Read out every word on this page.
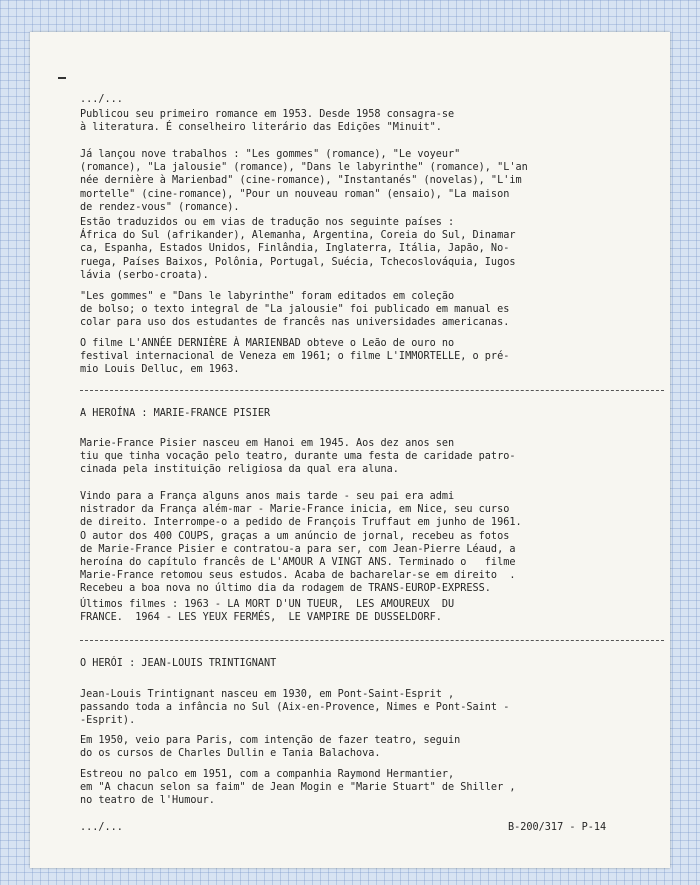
.../...
Publicou seu primeiro romance em 1953. Desde 1958 consagra-se
à literatura. É conselheiro literário das Edições "Minuit".
Já lançou nove trabalhos : "Les gommes" (romance), "Le voyeur"
(romance), "La jalousie" (romance), "Dans le labyrinthe" (romance), "L'an
née dernière à Marienbad" (cine-romance), "Instantanés" (novelas), "L'im
mortelle" (cine-romance), "Pour un nouveau roman" (ensaio), "La maison
de rendez-vous" (romance).
Estão traduzidos ou em vias de tradução nos seguinte países :
África do Sul (afrikander), Alemanha, Argentina, Coreia do Sul, Dinamar
ca, Espanha, Estados Unidos, Finlândia, Inglaterra, Itália, Japão, No-
ruega, Países Baixos, Polônia, Portugal, Suécia, Tchecoslováquia, Iugos
lávia (serbo-croata).
"Les gommes" e "Dans le labyrinthe" foram editados em coleção
de bolso; o texto integral de "La jalousie" foi publicado em manual es
colar para uso dos estudantes de francês nas universidades americanas.
O filme L'ANNÉE DERNIÈRE À MARIENBAD obteve o Leão de ouro no
festival internacional de Veneza em 1961; o filme L'IMMORTELLE, o pré-
mio Louis Delluc, em 1963.
A HEROÍNA : MARIE-FRANCE PISIER
Marie-France Pisier nasceu em Hanoi em 1945. Aos dez anos sen
tiu que tinha vocação pelo teatro, durante uma festa de caridade patro-
cinada pela instituição religiosa da qual era aluna.
Vindo para a França alguns anos mais tarde - seu pai era admi
nistrador da França além-mar - Marie-France inicia, em Nice, seu curso
de direito. Interrompe-o a pedido de François Truffaut em junho de 1961.
O autor dos 400 COUPS, graças a um anúncio de jornal, recebeu as fotos
de Marie-France Pisier e contratou-a para ser, com Jean-Pierre Léaud, a
heroína do capítulo francês de L'AMOUR A VINGT ANS. Terminado o   filme
Marie-France retomou seus estudos. Acaba de bacharelar-se em direito  .
Recebeu a boa nova no último dia da rodagem de TRANS-EUROP-EXPRESS.
Últimos filmes : 1963 - LA MORT D'UN TUEUR,  LES AMOUREUX  DU
FRANCE.  1964 - LES YEUX FERMÉS,  LE VAMPIRE DE DUSSELDORF.
O HERÓI : JEAN-LOUIS TRINTIGNANT
Jean-Louis Trintignant nasceu em 1930, em Pont-Saint-Esprit ,
passando toda a infância no Sul (Aix-en-Provence, Nimes e Pont-Saint -
-Esprit).
Em 1950, veio para Paris, com intenção de fazer teatro, seguin
do os cursos de Charles Dullin e Tania Balachova.
Estreou no palco em 1951, com a companhia Raymond Hermantier,
em "A chacun selon sa faim" de Jean Mogin e "Marie Stuart" de Shiller ,
no teatro de l'Humour.
.../...	B-200/317 - P-14
